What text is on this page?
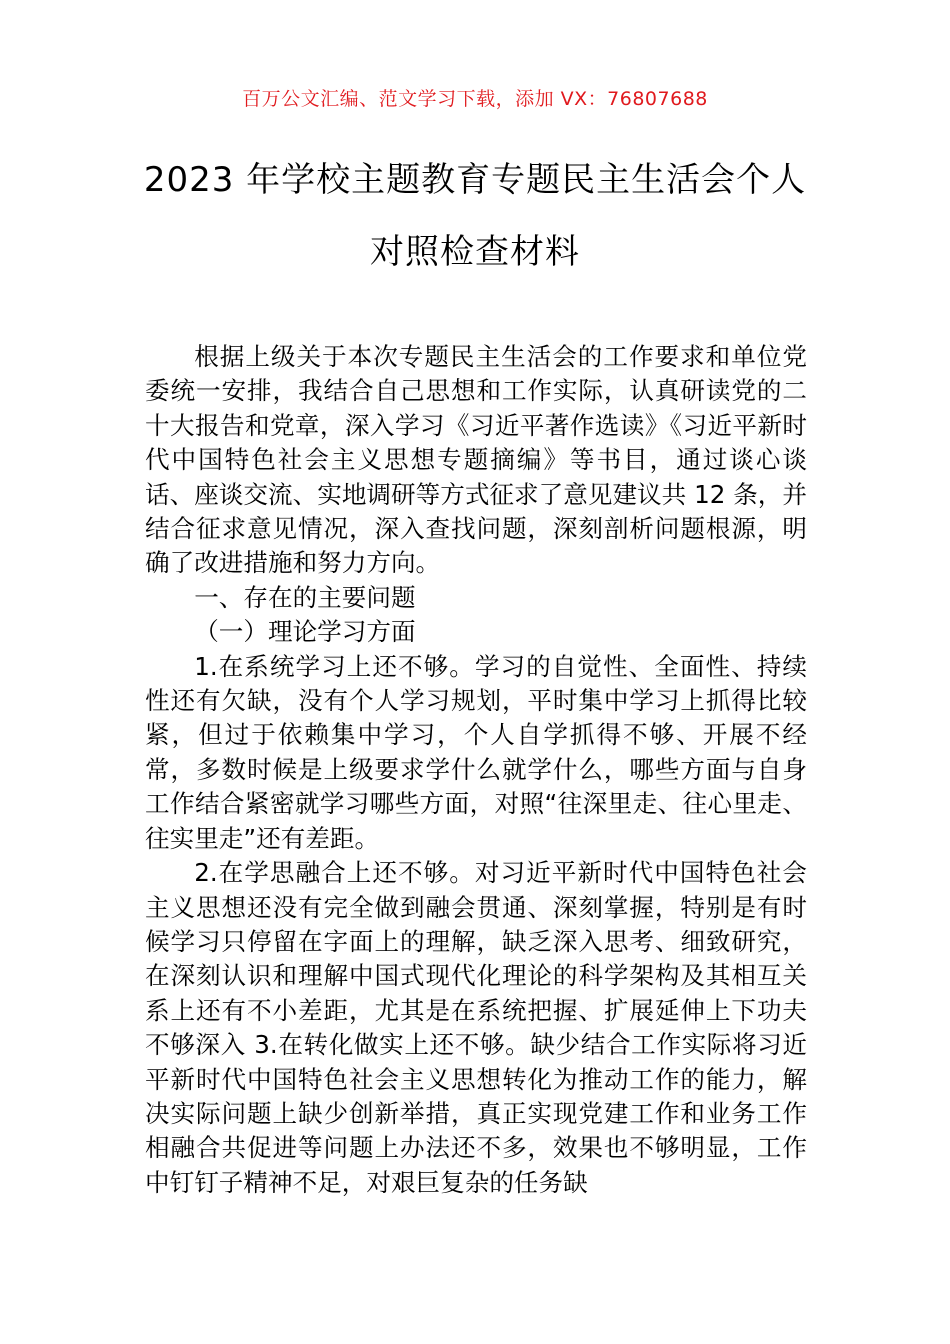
百万公文汇编、范文学习下载，添加 VX：76807688
2023 年学校主题教育专题民主生活会个人
对照检查材料

根据上级关于本次专题民主生活会的工作要求和单位党委统一安排，我结合自己思想和工作实际，认真研读党的二十大报告和党章，深入学习《习近平著作选读》《习近平新时代中国特色社会主义思想专题摘编》等书目，通过谈心谈话、座谈交流、实地调研等方式征求了意见建议共 12 条，并结合征求意见情况，深入查找问题，深刻剖析问题根源，明确了改进措施和努力方向。

一、存在的主要问题

（一）理论学习方面

1.在系统学习上还不够。学习的自觉性、全面性、持续性还有欠缺，没有个人学习规划，平时集中学习上抓得比较紧，但过于依赖集中学习，个人自学抓得不够、开展不经常，多数时候是上级要求学什么就学什么，哪些方面与自身工作结合紧密就学习哪些方面，对照“往深里走、往心里走、往实里走”还有差距。

2.在学思融合上还不够。对习近平新时代中国特色社会主义思想还没有完全做到融会贯通、深刻掌握，特别是有时候学习只停留在字面上的理解，缺乏深入思考、细致研究，在深刻认识和理解中国式现代化理论的科学架构及其相互关系上还有不小差距，尤其是在系统把握、扩展延伸上下功夫不够深入 3.在转化做实上还不够。缺少结合工作实际将习近平新时代中国特色社会主义思想转化为推动工作的能力，解决实际问题上缺少创新举措，真正实现党建工作和业务工作相融合共促进等问题上办法还不多，效果也不够明显，工作中钉钉子精神不足，对艰巨复杂的任务缺
